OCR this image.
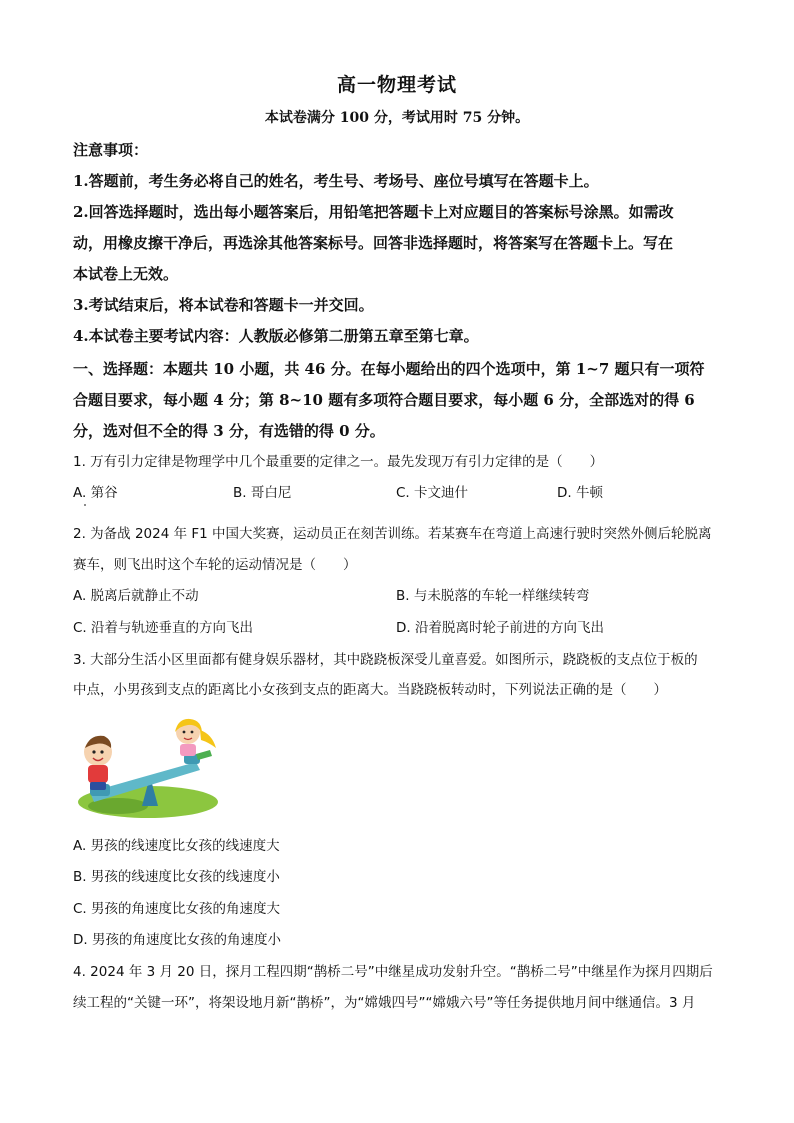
高一物理考试
本试卷满分 100 分，考试用时 75 分钟。

注意事项：

1.答题前，考生务必将自己的姓名，考生号、考场号、座位号填写在答题卡上。

2.回答选择题时，选出每小题答案后，用铅笔把答题卡上对应题目的答案标号涂黑。如需改

动，用橡皮擦干净后，再选涂其他答案标号。回答非选择题时，将答案写在答题卡上。写在

本试卷上无效。

3.考试结束后，将本试卷和答题卡一并交回。

4.本试卷主要考试内容：人教版必修第二册第五章至第七章。

一、选择题：本题共 10 小题，共 46 分。在每小题给出的四个选项中，第 1~7 题只有一项符

合题目要求，每小题 4 分；第 8~10 题有多项符合题目要求，每小题 6 分，全部选对的得 6

分，选对但不全的得 3 分，有选错的得 0 分。

1. 万有引力定律是物理学中几个最重要的定律之一。最先发现万有引力定律的是（　　）

A. 第谷	B. 哥白尼	C. 卡文迪什	D. 牛顿

2. 为备战 2024 年 F1 中国大奖赛，运动员正在刻苦训练。若某赛车在弯道上高速行驶时突然外侧后轮脱离

赛车，则飞出时这个车轮的运动情况是（　　）

A. 脱离后就静止不动	B. 与未脱落的车轮一样继续转弯
C. 沿着与轨迹垂直的方向飞出	D. 沿着脱离时轮子前进的方向飞出

3. 大部分生活小区里面都有健身娱乐器材，其中跷跷板深受儿童喜爱。如图所示，跷跷板的支点位于板的

中点，小男孩到支点的距离比小女孩到支点的距离大。当跷跷板转动时，下列说法正确的是（　　）

A. 男孩的线速度比女孩的线速度大

B. 男孩的线速度比女孩的线速度小

C. 男孩的角速度比女孩的角速度大

D. 男孩的角速度比女孩的角速度小

4. 2024 年 3 月 20 日，探月工程四期“鹊桥二号”中继星成功发射升空。“鹊桥二号”中继星作为探月四期后

续工程的“关键一环”，将架设地月新“鹊桥”，为“嫦娥四号”“嫦娥六号”等任务提供地月间中继通信。3 月
